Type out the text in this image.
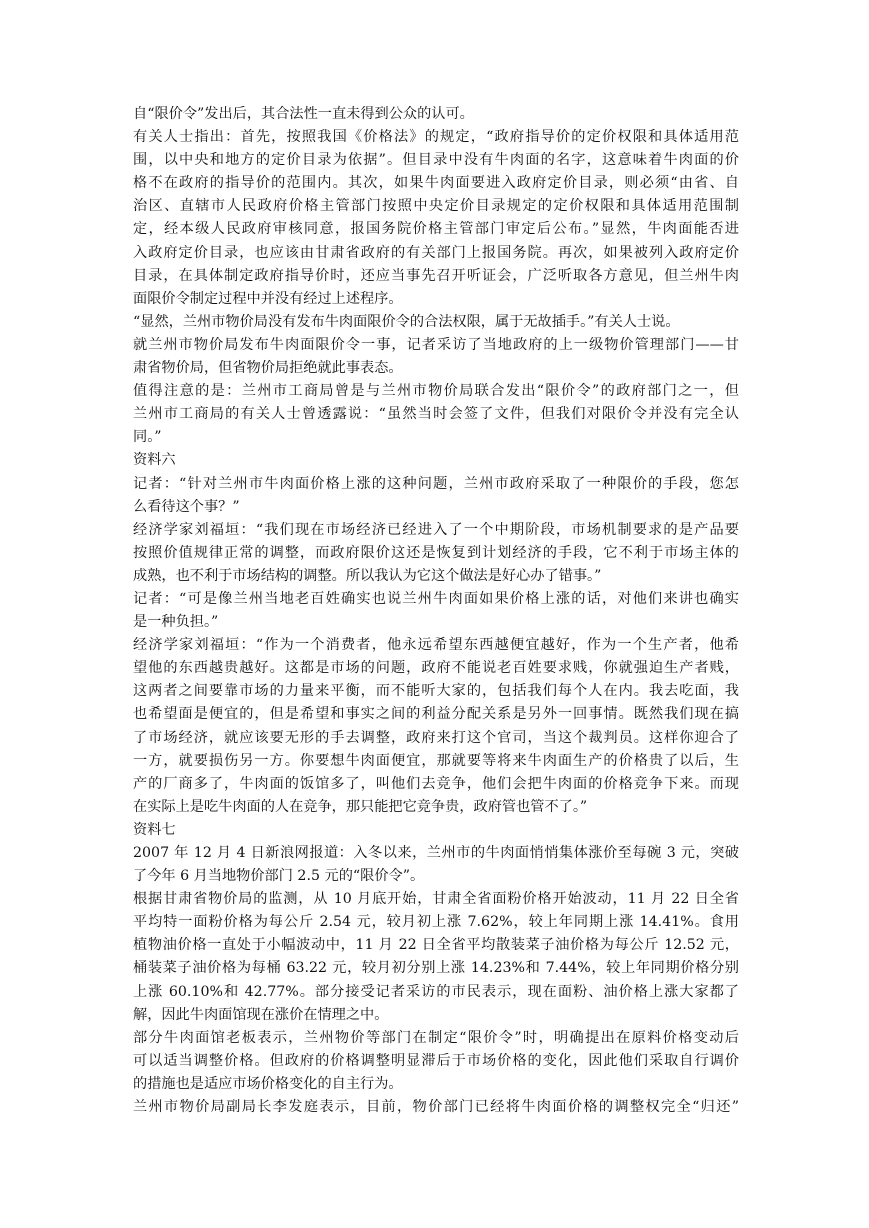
自“限价令”发出后，其合法性一直未得到公众的认可。
有关人士指出：首先，按照我国《价格法》的规定，“政府指导价的定价权限和具体适用范
围，以中央和地方的定价目录为依据”。但目录中没有牛肉面的名字，这意味着牛肉面的价
格不在政府的指导价的范围内。其次，如果牛肉面要进入政府定价目录，则必须“由省、自
治区、直辖市人民政府价格主管部门按照中央定价目录规定的定价权限和具体适用范围制
定，经本级人民政府审核同意，报国务院价格主管部门审定后公布。”显然，牛肉面能否进
入政府定价目录，也应该由甘肃省政府的有关部门上报国务院。再次，如果被列入政府定价
目录，在具体制定政府指导价时，还应当事先召开听证会，广泛听取各方意见，但兰州牛肉
面限价令制定过程中并没有经过上述程序。
“显然，兰州市物价局没有发布牛肉面限价令的合法权限，属于无故插手。”有关人士说。
就兰州市物价局发布牛肉面限价令一事，记者采访了当地政府的上一级物价管理部门——甘
肃省物价局，但省物价局拒绝就此事表态。
值得注意的是：兰州市工商局曾是与兰州市物价局联合发出“限价令”的政府部门之一，但
兰州市工商局的有关人士曾透露说：“虽然当时会签了文件，但我们对限价令并没有完全认
同。”
资料六
记者：“针对兰州市牛肉面价格上涨的这种问题，兰州市政府采取了一种限价的手段，您怎
么看待这个事？”
经济学家刘福垣：“我们现在市场经济已经进入了一个中期阶段，市场机制要求的是产品要
按照价值规律正常的调整，而政府限价这还是恢复到计划经济的手段，它不利于市场主体的
成熟，也不利于市场结构的调整。所以我认为它这个做法是好心办了错事。”
记者：“可是像兰州当地老百姓确实也说兰州牛肉面如果价格上涨的话，对他们来讲也确实
是一种负担。”
经济学家刘福垣：“作为一个消费者，他永远希望东西越便宜越好，作为一个生产者，他希
望他的东西越贵越好。这都是市场的问题，政府不能说老百姓要求贱，你就强迫生产者贱，
这两者之间要靠市场的力量来平衡，而不能听大家的，包括我们每个人在内。我去吃面，我
也希望面是便宜的，但是希望和事实之间的利益分配关系是另外一回事情。既然我们现在搞
了市场经济，就应该要无形的手去调整，政府来打这个官司，当这个裁判员。这样你迎合了
一方，就要损伤另一方。你要想牛肉面便宜，那就要等将来牛肉面生产的价格贵了以后，生
产的厂商多了，牛肉面的饭馆多了，叫他们去竞争，他们会把牛肉面的价格竞争下来。而现
在实际上是吃牛肉面的人在竞争，那只能把它竞争贵，政府管也管不了。”
资料七
2007 年 12 月 4 日新浪网报道：入冬以来，兰州市的牛肉面悄悄集体涨价至每碗 3 元，突破
了今年 6 月当地物价部门 2.5 元的“限价令”。
根据甘肃省物价局的监测，从 10 月底开始，甘肃全省面粉价格开始波动，11 月 22 日全省
平均特一面粉价格为每公斤 2.54 元，较月初上涨 7.62%，较上年同期上涨 14.41%。食用
植物油价格一直处于小幅波动中，11 月 22 日全省平均散装菜子油价格为每公斤 12.52 元，
桶装菜子油价格为每桶 63.22 元，较月初分别上涨 14.23%和 7.44%，较上年同期价格分别
上涨 60.10%和 42.77%。部分接受记者采访的市民表示，现在面粉、油价格上涨大家都了
解，因此牛肉面馆现在涨价在情理之中。
部分牛肉面馆老板表示，兰州物价等部门在制定“限价令”时，明确提出在原料价格变动后
可以适当调整价格。但政府的价格调整明显滞后于市场价格的变化，因此他们采取自行调价
的措施也是适应市场价格变化的自主行为。
兰州市物价局副局长李发庭表示，目前，物价部门已经将牛肉面价格的调整权完全“归还”
